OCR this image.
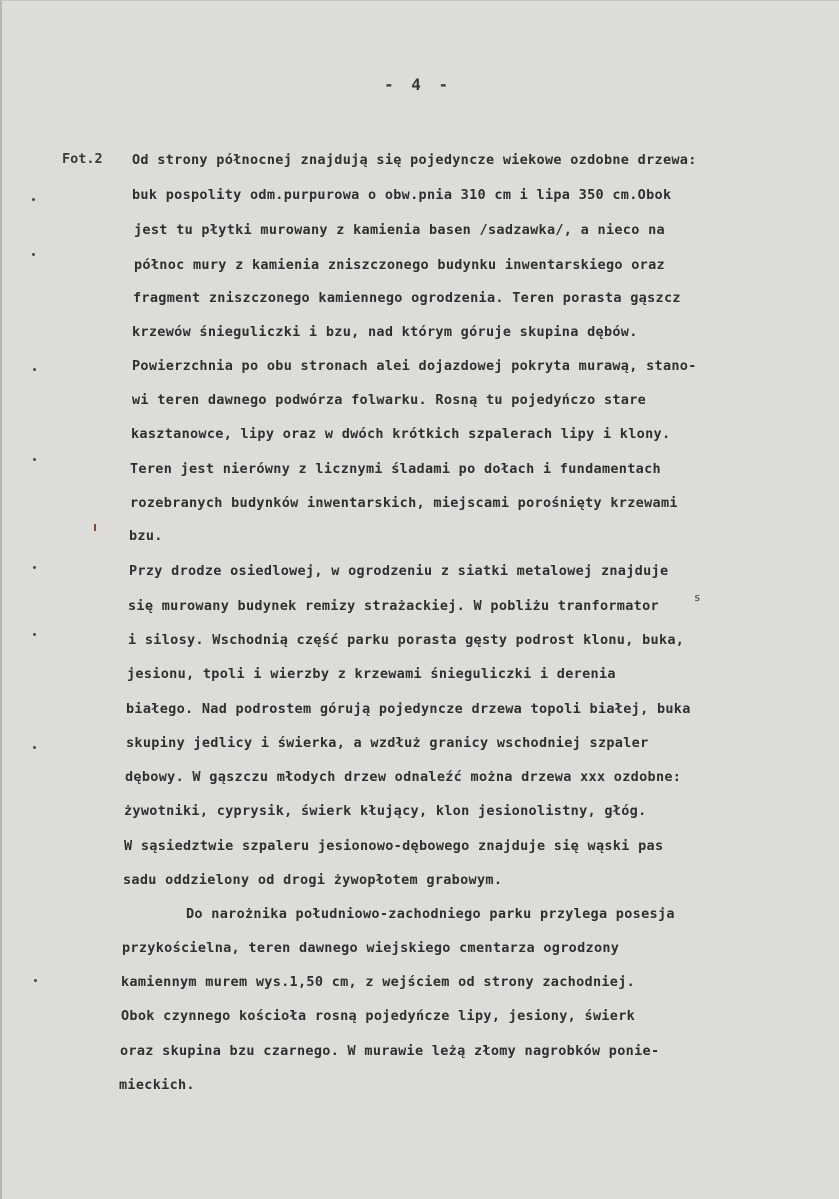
- 4 -
Fot.2
s
Od strony północnej znajdują się pojedyncze wiekowe ozdobne drzewa:
buk pospolity odm.purpurowa o obw.pnia 310 cm i lipa 350 cm.Obok
jest tu płytki murowany z kamienia basen /sadzawka/, a nieco na
północ mury z kamienia zniszczonego budynku inwentarskiego oraz
fragment zniszczonego kamiennego ogrodzenia. Teren porasta gąszcz
krzewów śnieguliczki i bzu, nad którym góruje skupina dębów.
Powierzchnia po obu stronach alei dojazdowej pokryta murawą, stano-
wi teren dawnego podwórza folwarku. Rosną tu pojedyńczo stare
kasztanowce, lipy oraz w dwóch krótkich szpalerach lipy i klony.
Teren jest nierówny z licznymi śladami po dołach i fundamentach
rozebranych budynków inwentarskich, miejscami porośnięty krzewami
bzu.
Przy drodze osiedlowej, w ogrodzeniu z siatki metalowej znajduje
się murowany budynek remizy strażackiej. W pobliżu tranformator
i silosy. Wschodnią część parku porasta gęsty podrost klonu, buka,
jesionu, tpoli i wierzby z krzewami śnieguliczki i derenia
białego. Nad podrostem górują pojedyncze drzewa topoli białej, buka
skupiny jedlicy i świerka, a wzdłuż granicy wschodniej szpaler
dębowy. W gąszczu młodych drzew odnaleźć można drzewa xxx ozdobne:
żywotniki, cyprysik, świerk kłujący, klon jesionolistny, głóg.
W sąsiedztwie szpaleru jesionowo-dębowego znajduje się wąski pas
sadu oddzielony od drogi żywopłotem grabowym.
Do narożnika południowo-zachodniego parku przylega posesja
przykościelna, teren dawnego wiejskiego cmentarza ogrodzony
kamiennym murem wys.1,50 cm, z wejściem od strony zachodniej.
Obok czynnego kościoła rosną pojedyńcze lipy, jesiony, świerk
oraz skupina bzu czarnego. W murawie leżą złomy nagrobków ponie-
mieckich.
